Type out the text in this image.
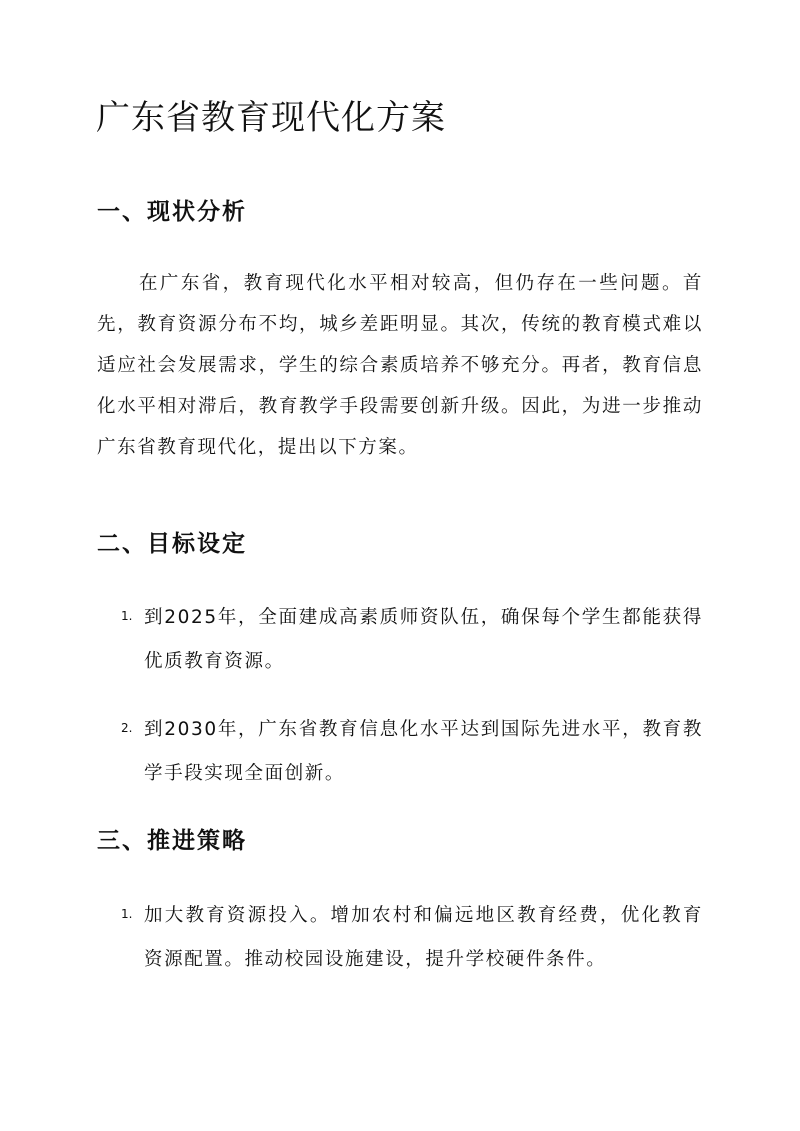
广东省教育现代化方案
一、现状分析

在广东省，教育现代化水平相对较高，但仍存在一些问题。首先，教育资源分布不均，城乡差距明显。其次，传统的教育模式难以适应社会发展需求，学生的综合素质培养不够充分。再者，教育信息化水平相对滞后，教育教学手段需要创新升级。因此，为进一步推动广东省教育现代化，提出以下方案。

二、目标设定
1. 到2025年，全面建成高素质师资队伍，确保每个学生都能获得优质教育资源。

2. 到2030年，广东省教育信息化水平达到国际先进水平，教育教学手段实现全面创新。

三、推进策略
1. 加大教育资源投入。增加农村和偏远地区教育经费，优化教育资源配置。推动校园设施建设，提升学校硬件条件。
